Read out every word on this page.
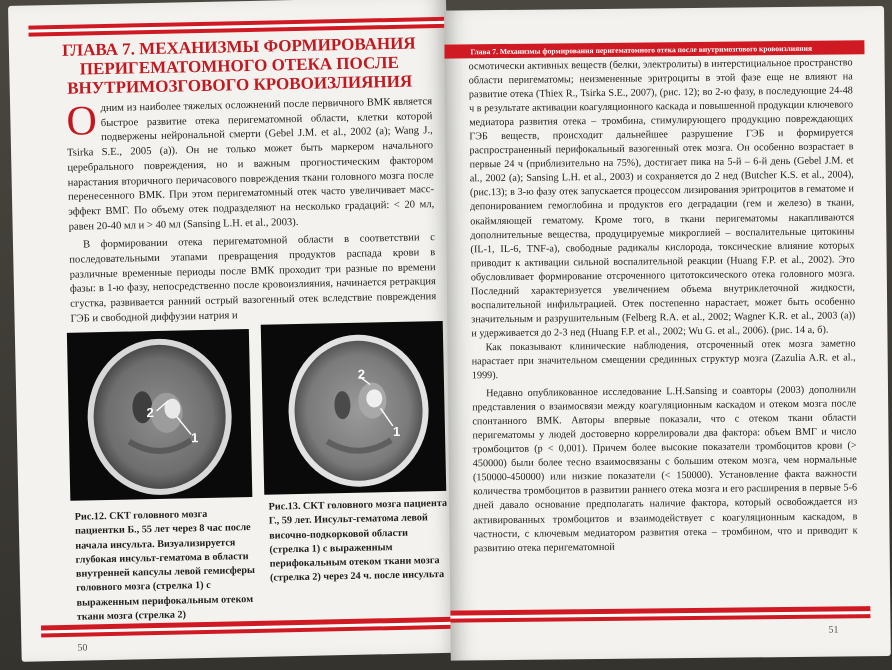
ГЛАВА 7. МЕХАНИЗМЫ ФОРМИРОВАНИЯ
ПЕРИГЕМАТОМНОГО ОТЕКА ПОСЛЕ
ВНУТРИМОЗГОВОГО КРОВОИЗЛИЯНИЯ

Одним из наиболее тяжелых осложнений после первичного ВМК является быстрое развитие отека перигематомной области, клетки которой подвержены нейрональной смерти (Gebel J.M. et al., 2002 (a); Wang J., Tsirka S.E., 2005 (a)). Он не только может быть маркером начального церебрального повреждения, но и важным прогностическим фактором нарастания вторичного перичасового повреждения ткани головного мозга после перенесенного ВМК. При этом перигематомный отек часто увеличивает масс-эффект ВМГ. По объему отек подразделяют на несколько градаций: < 20 мл, равен 20-40 мл и > 40 мл (Sansing L.H. et al., 2003).

В формировании отека перигематомной области в соответствии с последовательными этапами превращения продуктов распада крови в различные временные периоды после ВМК проходит три разные по времени фазы: в 1-ю фазу, непосредственно после кровоизлияния, начинается ретракция сгустка, развивается ранний острый вазогенный отек вследствие повреждения ГЭБ и свободной диффузии натрия и

2
1
2
1
Рис.12. СКТ головного мозга пациентки Б., 55 лет через 8 час после начала инсульта. Визуализируется глубокая инсульт-гематома в области внутренней капсулы левой гемисферы головного мозга (стрелка 1) с выраженным перифокальным отеком ткани мозга (стрелка 2)
Рис.13. СКТ головного мозга пациента Г., 59 лет. Инсульт-гематома левой височно-подкорковой области (стрелка 1) с выраженным перифокальным отеком ткани мозга (стрелка 2) через 24 ч. после инсульта
50
Глава 7. Механизмы формирования перигематомного отека после внутримозгового кровоизлияния

осмотически активных веществ (белки, электролиты) в интерстициальное пространство области перигематомы; неизмененные эритроциты в этой фазе еще не влияют на развитие отека (Thiex R., Tsirka S.E., 2007), (рис. 12); во 2-ю фазу, в последующие 24-48 ч в результате активации коагуляционного каскада и повышенной продукции ключевого медиатора развития отека – тромбина, стимулирующего продукцию повреждающих ГЭБ веществ, происходит дальнейшее разрушение ГЭБ и формируется распространенный перифокальный вазогенный отек мозга. Он особенно возрастает в первые 24 ч (приблизительно на 75%), достигает пика на 5-й – 6-й день (Gebel J.M. et al., 2002 (a); Sansing L.H. et al., 2003) и сохраняется до 2 нед (Butcher K.S. et al., 2004), (рис.13); в 3-ю фазу отек запускается процессом лизирования эритроцитов в гематоме и депонированием гемоглобина и продуктов его деградации (гем и железо) в ткани, окаймляющей гематому. Кроме того, в ткани перигематомы накапливаются дополнительные вещества, продуцируемые микроглией – воспалительные цитокины (IL-1, IL-6, TNF-a), свободные радикалы кислорода, токсические влияние которых приводит к активации сильной воспалительной реакции (Huang F.P. et al., 2002). Это обусловливает формирование отсроченного цитотоксического отека головного мозга. Последний характеризуется увеличением объема внутриклеточной жидкости, воспалительной инфильтрацией. Отек постепенно нарастает, может быть особенно значительным и разрушительным (Felberg R.A. et al., 2002; Wagner K.R. et al., 2003 (a)) и удерживается до 2-3 нед (Huang F.P. et al., 2002; Wu G. et al., 2006). (рис. 14 а, б).

Как показывают клинические наблюдения, отсроченный отек мозга заметно нарастает при значительном смещении срединных структур мозга (Zazulia A.R. et al., 1999).

Недавно опубликованное исследование L.H.Sansing и соавторы (2003) дополнили представления о взаимосвязи между коагуляционным каскадом и отеком мозга после спонтанного ВМК. Авторы впервые показали, что с отеком ткани области перигематомы у людей достоверно коррелировали два фактора: объем ВМГ и число тромбоцитов (р < 0,001). Причем более высокие показатели тромбоцитов крови (> 450000) были более тесно взаимосвязаны с большим отеком мозга, чем нормальные (150000-450000) или низкие показатели (< 150000). Установление факта важности количества тромбоцитов в развитии раннего отека мозга и его расширения в первые 5-6 дней давало основание предполагать наличие фактора, который освобождается из активированных тромбоцитов и взаимодействует с коагуляционным каскадом, в частности, с ключевым медиатором развития отека – тромбином, что и приводит к развитию отека перигематомной

51
